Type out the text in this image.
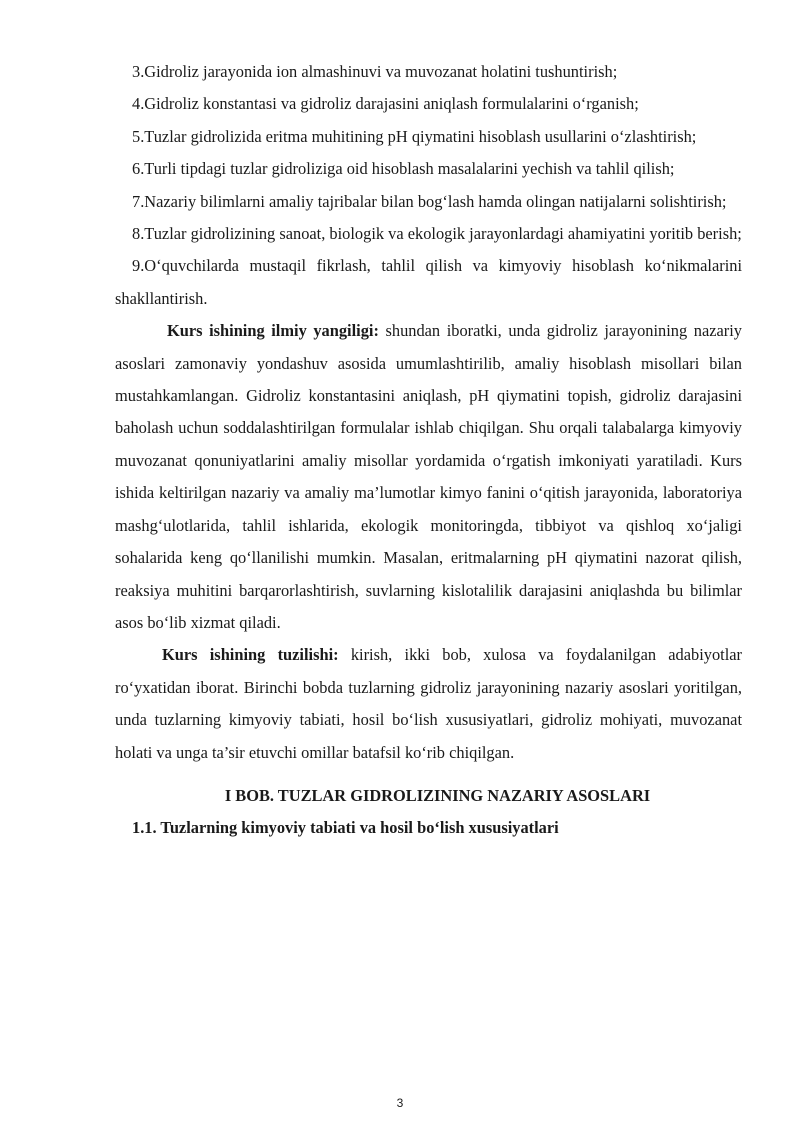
3.Gidroliz jarayonida ion almashinuvi va muvozanat holatini tushuntirish;

4.Gidroliz konstantasi va gidroliz darajasini aniqlash formulalarini o‘rganish;

5.Tuzlar gidrolizida eritma muhitining pH qiymatini hisoblash usullarini o‘zlashtirish;

6.Turli tipdagi tuzlar gidroliziga oid hisoblash masalalarini yechish va tahlil qilish;

7.Nazariy bilimlarni amaliy tajribalar bilan bog‘lash hamda olingan natijalarni solishtirish;

8.Tuzlar gidrolizining sanoat, biologik va ekologik jarayonlardagi ahamiyatini yoritib berish;

9.O‘quvchilarda mustaqil fikrlash, tahlil qilish va kimyoviy hisoblash ko‘nikmalarini shakllantirish.

Kurs ishining ilmiy yangiligi: shundan iboratki, unda gidroliz jarayonining nazariy asoslari zamonaviy yondashuv asosida umumlashtirilib, amaliy hisoblash misollari bilan mustahkamlangan. Gidroliz konstantasini aniqlash, pH qiymatini topish, gidroliz darajasini baholash uchun soddalashtirilgan formulalar ishlab chiqilgan. Shu orqali talabalarga kimyoviy muvozanat qonuniyatlarini amaliy misollar yordamida o‘rgatish imkoniyati yaratiladi. Kurs ishida keltirilgan nazariy va amaliy ma’lumotlar kimyo fanini o‘qitish jarayonida, laboratoriya mashg‘ulotlarida, tahlil ishlarida, ekologik monitoringda, tibbiyot va qishloq xo‘jaligi sohalarida keng qo‘llanilishi mumkin. Masalan, eritmalarning pH qiymatini nazorat qilish, reaksiya muhitini barqarorlashtirish, suvlarning kislotalilik darajasini aniqlashda bu bilimlar asos bo‘lib xizmat qiladi.

Kurs ishining tuzilishi: kirish, ikki bob, xulosa va foydalanilgan adabiyotlar ro‘yxatidan iborat. Birinchi bobda tuzlarning gidroliz jarayonining nazariy asoslari yoritilgan, unda tuzlarning kimyoviy tabiati, hosil bo‘lish xususiyatlari, gidroliz mohiyati, muvozanat holati va unga ta’sir etuvchi omillar batafsil ko‘rib chiqilgan.

I BOB. TUZLAR GIDROLIZINING NAZARIY ASOSLARI

1.1. Tuzlarning kimyoviy tabiati va hosil bo‘lish xususiyatlari

3
